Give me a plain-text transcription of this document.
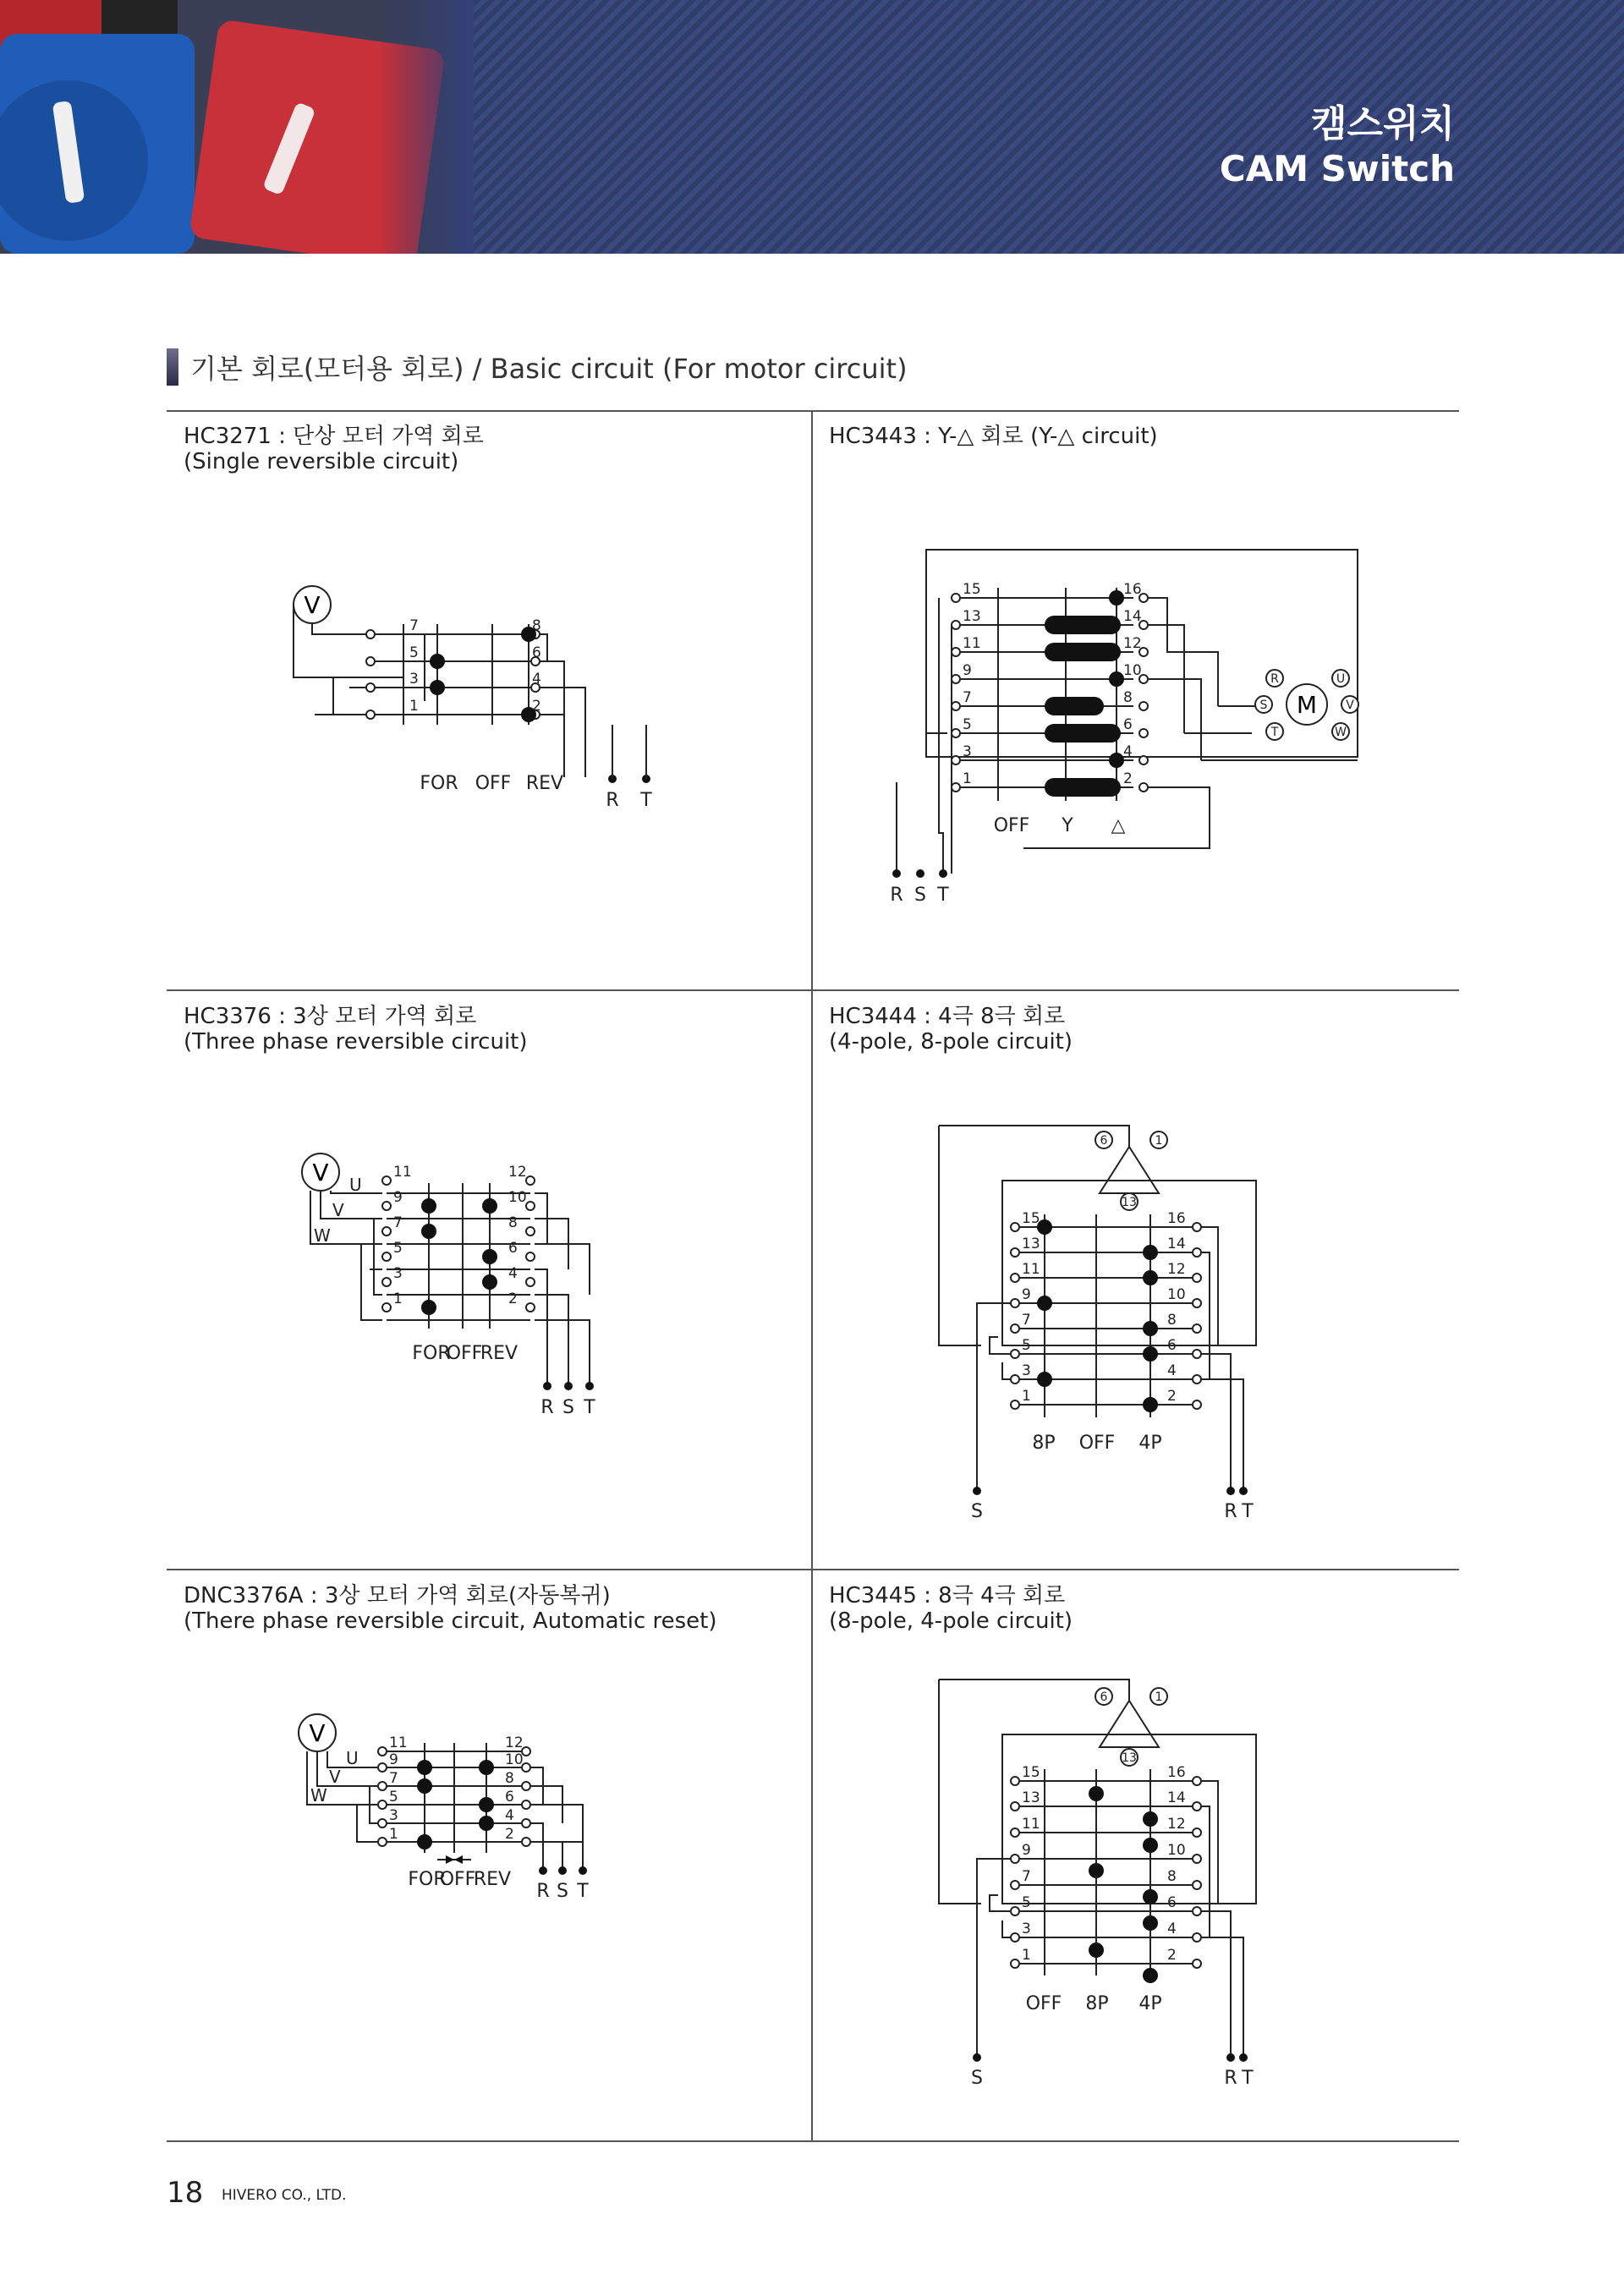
캠스위치
CAM Switch
기본 회로(모터용 회로) / Basic circuit (For motor circuit)
HC3271 : 단상 모터 가역 회로
(Single reversible circuit)
V
7
5
3
1
8
6
4
2
FOR OFF REV
R T
HC3443 : Y-△ 회로 (Y-△ circuit)
15
13
11
9
7
5
3
1
16
14
12
10
8
6
4
2
M
R	U
S	V
T	W
OFF Y △
R S T
HC3376 : 3상 모터 가역 회로
(Three phase reversible circuit)
V	11
9
7
5
3
1
12
10
8
6
4
2
U
V
W
FOR
OFF
REV
R S T
HC3444 : 4극 8극 회로
(4-pole, 8-pole circuit)
6	1
13
15
13
11
9
7
5
3
1
16
14
12
10
8
6
4
2
8P OFF 4P
S	R T
DNC3376A : 3상 모터 가역 회로(자동복귀)
(There phase reversible circuit, Automatic reset)
V	11
9
7
5
3
1
12
10
8
6
4
2
U
V
W
FOR
OFF
REV
R S T
HC3445 : 8극 4극 회로
(8-pole, 4-pole circuit)
6	1
13
15
13
11
9
7
5
3
1
16
14
12
10
8
6
4
2
OFF 8P 4P
S	R T
18 HIVERO CO., LTD.
